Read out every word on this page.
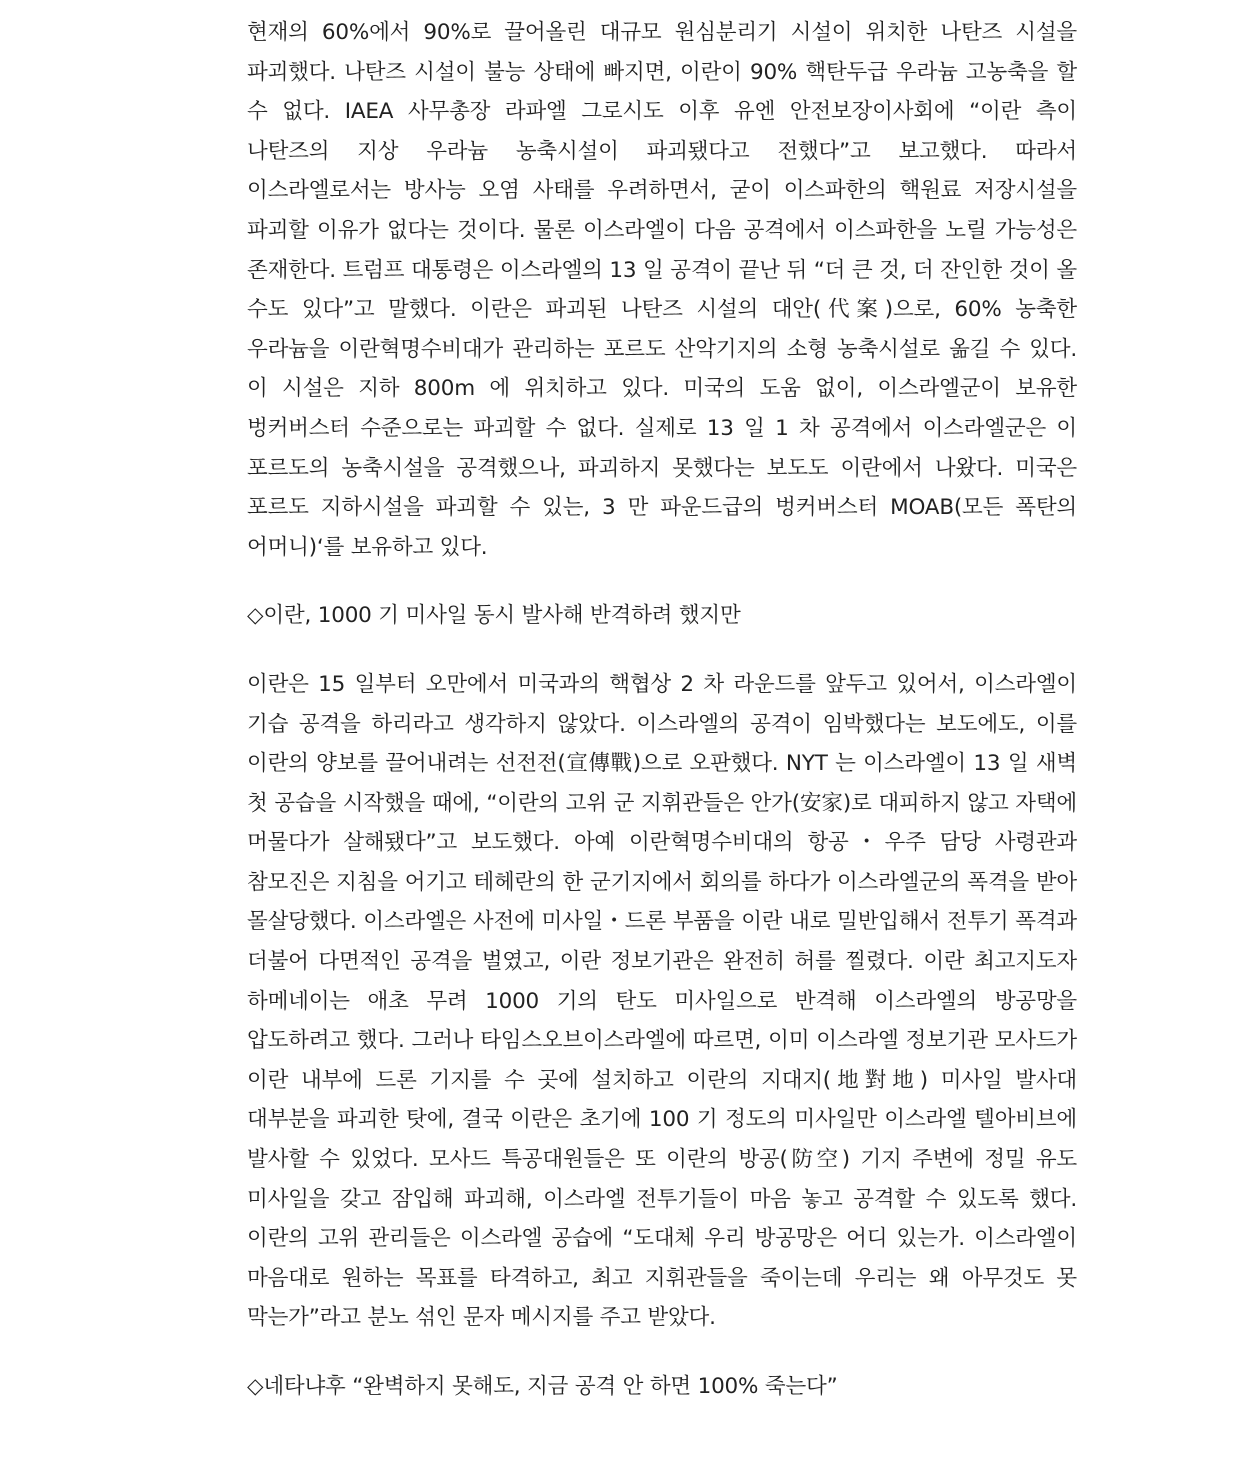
현재의 60%에서 90%로 끌어올린 대규모 원심분리기 시설이 위치한 나탄즈 시설을 파괴했다. 나탄즈 시설이 불능 상태에 빠지면, 이란이 90% 핵탄두급 우라늄 고농축을 할 수 없다. IAEA 사무총장 라파엘 그로시도 이후 유엔 안전보장이사회에 “이란 측이 나탄즈의 지상 우라늄 농축시설이 파괴됐다고 전했다”고 보고했다. 따라서 이스라엘로서는 방사능 오염 사태를 우려하면서, 굳이 이스파한의 핵원료 저장시설을 파괴할 이유가 없다는 것이다. 물론 이스라엘이 다음 공격에서 이스파한을 노릴 가능성은 존재한다. 트럼프 대통령은 이스라엘의 13 일 공격이 끝난 뒤 “더 큰 것, 더 잔인한 것이 올 수도 있다”고 말했다. 이란은 파괴된 나탄즈 시설의 대안(代案)으로, 60% 농축한 우라늄을 이란혁명수비대가 관리하는 포르도 산악기지의 소형 농축시설로 옮길 수 있다. 이 시설은 지하 800m 에 위치하고 있다. 미국의 도움 없이, 이스라엘군이 보유한 벙커버스터 수준으로는 파괴할 수 없다. 실제로 13 일 1 차 공격에서 이스라엘군은 이 포르도의 농축시설을 공격했으나, 파괴하지 못했다는 보도도 이란에서 나왔다. 미국은 포르도 지하시설을 파괴할 수 있는, 3 만 파운드급의 벙커버스터 MOAB(모든 폭탄의 어머니)‘를 보유하고 있다.

◇이란, 1000 기 미사일 동시 발사해 반격하려 했지만

이란은 15 일부터 오만에서 미국과의 핵협상 2 차 라운드를 앞두고 있어서, 이스라엘이 기습 공격을 하리라고 생각하지 않았다. 이스라엘의 공격이 임박했다는 보도에도, 이를 이란의 양보를 끌어내려는 선전전(宣傳戰)으로 오판했다. NYT 는 이스라엘이 13 일 새벽 첫 공습을 시작했을 때에, “이란의 고위 군 지휘관들은 안가(安家)로 대피하지 않고 자택에 머물다가 살해됐다”고 보도했다. 아예 이란혁명수비대의 항공・우주 담당 사령관과 참모진은 지침을 어기고 테헤란의 한 군기지에서 회의를 하다가 이스라엘군의 폭격을 받아 몰살당했다. 이스라엘은 사전에 미사일・드론 부품을 이란 내로 밀반입해서 전투기 폭격과 더불어 다면적인 공격을 벌였고, 이란 정보기관은 완전히 허를 찔렸다. 이란 최고지도자 하메네이는 애초 무려 1000 기의 탄도 미사일으로 반격해 이스라엘의 방공망을 압도하려고 했다. 그러나 타임스오브이스라엘에 따르면, 이미 이스라엘 정보기관 모사드가 이란 내부에 드론 기지를 수 곳에 설치하고 이란의 지대지(地對地) 미사일 발사대 대부분을 파괴한 탓에, 결국 이란은 초기에 100 기 정도의 미사일만 이스라엘 텔아비브에 발사할 수 있었다. 모사드 특공대원들은 또 이란의 방공(防空) 기지 주변에 정밀 유도 미사일을 갖고 잠입해 파괴해, 이스라엘 전투기들이 마음 놓고 공격할 수 있도록 했다. 이란의 고위 관리들은 이스라엘 공습에 “도대체 우리 방공망은 어디 있는가. 이스라엘이 마음대로 원하는 목표를 타격하고, 최고 지휘관들을 죽이는데 우리는 왜 아무것도 못 막는가”라고 분노 섞인 문자 메시지를 주고 받았다.

◇네타냐후 “완벽하지 못해도, 지금 공격 안 하면 100% 죽는다”
